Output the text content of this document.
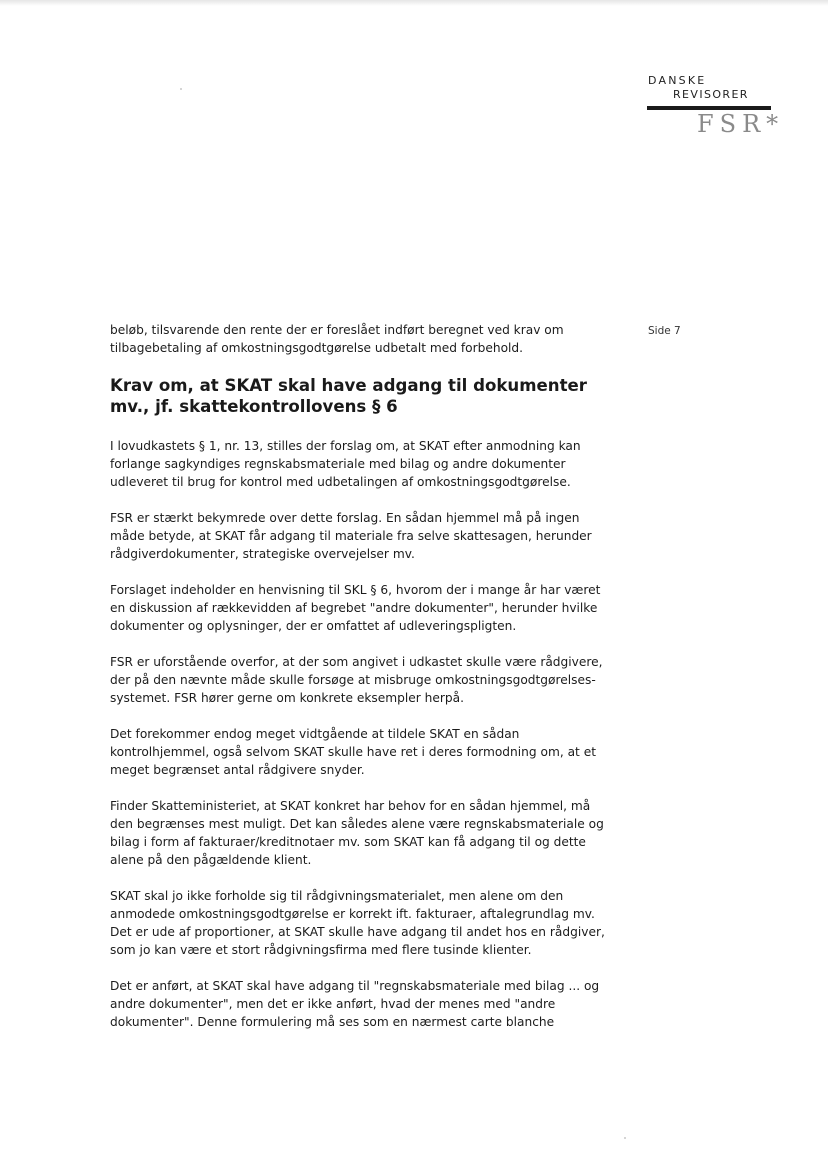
DANSKE
REVISORER
FSR*
Side 7

beløb, tilsvarende den rente der er foreslået indført beregnet ved krav om
tilbagebetaling af omkostningsgodtgørelse udbetalt med forbehold.

Krav om, at SKAT skal have adgang til dokumenter
mv., jf. skattekontrollovens § 6

I lovudkastets § 1, nr. 13, stilles der forslag om, at SKAT efter anmodning kan
forlange sagkyndiges regnskabsmateriale med bilag og andre dokumenter
udleveret til brug for kontrol med udbetalingen af omkostningsgodtgørelse.

FSR er stærkt bekymrede over dette forslag. En sådan hjemmel må på ingen
måde betyde, at SKAT får adgang til materiale fra selve skattesagen, herunder
rådgiverdokumenter, strategiske overvejelser mv.

Forslaget indeholder en henvisning til SKL § 6, hvorom der i mange år har været
en diskussion af rækkevidden af begrebet "andre dokumenter", herunder hvilke
dokumenter og oplysninger, der er omfattet af udleveringspligten.

FSR er uforstående overfor, at der som angivet i udkastet skulle være rådgivere,
der på den nævnte måde skulle forsøge at misbruge omkostningsgodtgørelses-
systemet. FSR hører gerne om konkrete eksempler herpå.

Det forekommer endog meget vidtgående at tildele SKAT en sådan
kontrolhjemmel, også selvom SKAT skulle have ret i deres formodning om, at et
meget begrænset antal rådgivere snyder.

Finder Skatteministeriet, at SKAT konkret har behov for en sådan hjemmel, må
den begrænses mest muligt. Det kan således alene være regnskabsmateriale og
bilag i form af fakturaer/kreditnotaer mv. som SKAT kan få adgang til og dette
alene på den pågældende klient.

SKAT skal jo ikke forholde sig til rådgivningsmaterialet, men alene om den
anmodede omkostningsgodtgørelse er korrekt ift. fakturaer, aftalegrundlag mv.
Det er ude af proportioner, at SKAT skulle have adgang til andet hos en rådgiver,
som jo kan være et stort rådgivningsfirma med flere tusinde klienter.

Det er anført, at SKAT skal have adgang til "regnskabsmateriale med bilag ... og
andre dokumenter", men det er ikke anført, hvad der menes med "andre
dokumenter". Denne formulering må ses som en nærmest carte blanche
